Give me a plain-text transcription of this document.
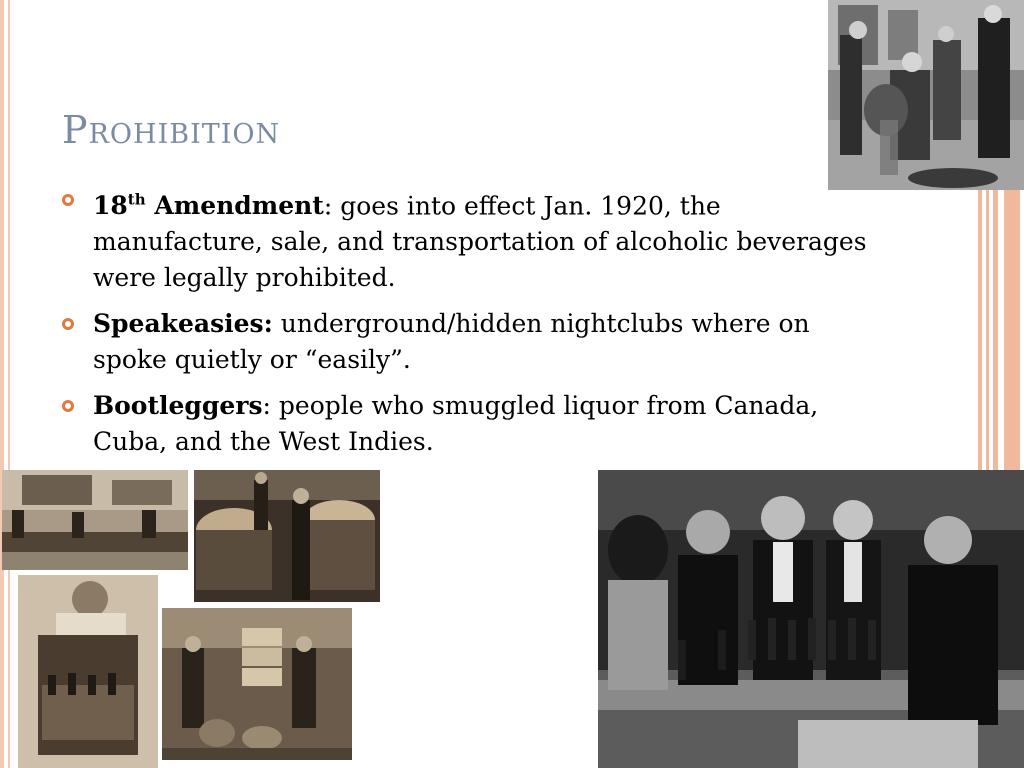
Prohibition
18th Amendment: goes into effect Jan. 1920, the manufacture, sale, and transportation of alcoholic beverages were legally prohibited.
Speakeasies: underground/hidden nightclubs where on spoke quietly or “easily”.
Bootleggers: people who smuggled liquor from Canada, Cuba, and the West Indies.
